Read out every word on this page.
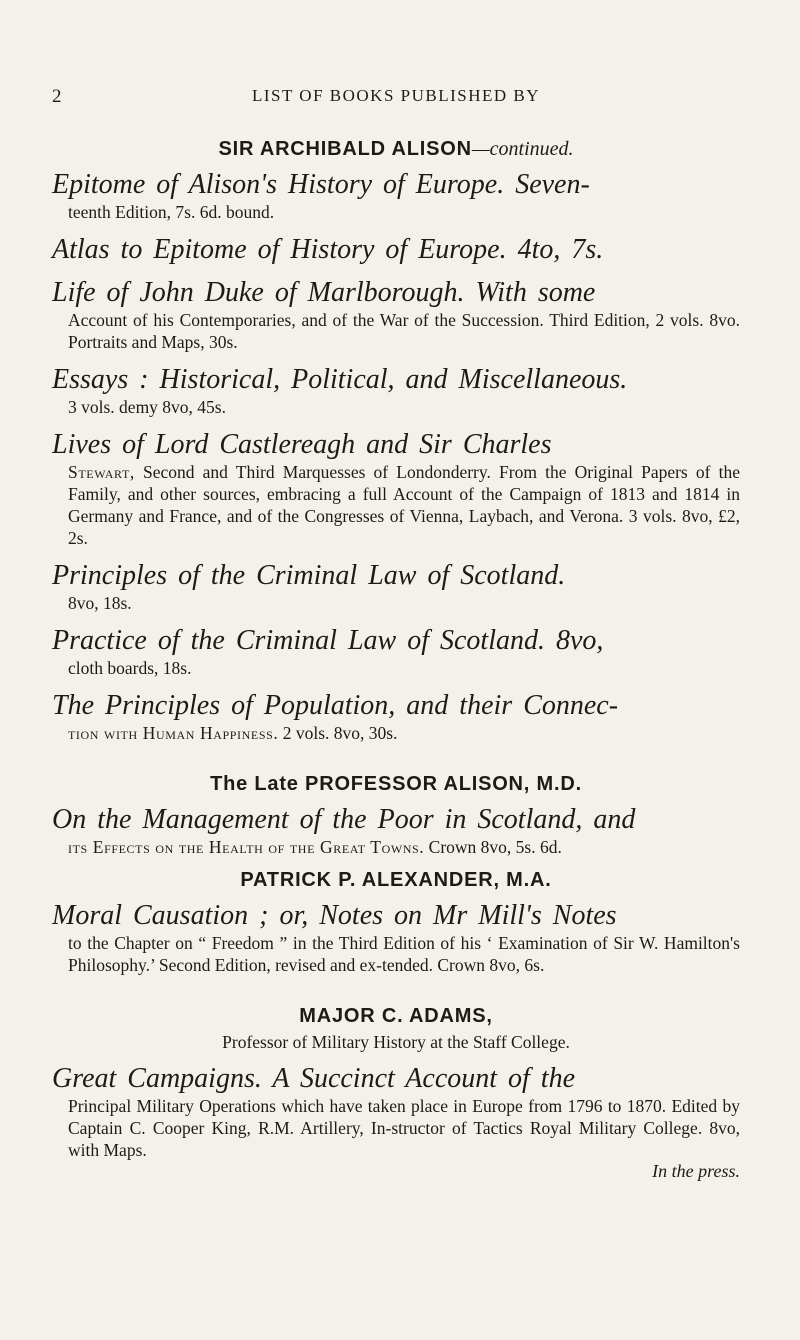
2	LIST OF BOOKS PUBLISHED BY
SIR ARCHIBALD ALISON—continued.
Epitome of Alison's History of Europe. Seven-
teenth Edition, 7s. 6d. bound.
Atlas to Epitome of History of Europe. 4to, 7s.
Life of John Duke of Marlborough. With some
Account of his Contemporaries, and of the War of the Succession. Third Edition, 2 vols. 8vo. Portraits and Maps, 30s.
Essays : Historical, Political, and Miscellaneous.
3 vols. demy 8vo, 45s.
Lives of Lord Castlereagh and Sir Charles
Stewart, Second and Third Marquesses of Londonderry. From the Original Papers of the Family, and other sources, embracing a full Account of the Campaign of 1813 and 1814 in Germany and France, and of the Congresses of Vienna, Laybach, and Verona. 3 vols. 8vo, £2, 2s.
Principles of the Criminal Law of Scotland.
8vo, 18s.
Practice of the Criminal Law of Scotland. 8vo,
cloth boards, 18s.
The Principles of Population, and their Connec-
tion with Human Happiness. 2 vols. 8vo, 30s.
The Late PROFESSOR ALISON, M.D.
On the Management of the Poor in Scotland, and
its Effects on the Health of the Great Towns. Crown 8vo, 5s. 6d.
PATRICK P. ALEXANDER, M.A.
Moral Causation ; or, Notes on Mr Mill's Notes
to the Chapter on “ Freedom ” in the Third Edition of his ‘ Examination of Sir W. Hamilton's Philosophy.’ Second Edition, revised and ex-tended. Crown 8vo, 6s.
MAJOR C. ADAMS,
Professor of Military History at the Staff College.
Great Campaigns. A Succinct Account of the
Principal Military Operations which have taken place in Europe from 1796 to 1870. Edited by Captain C. Cooper King, R.M. Artillery, In-structor of Tactics Royal Military College. 8vo, with Maps.
In the press.
